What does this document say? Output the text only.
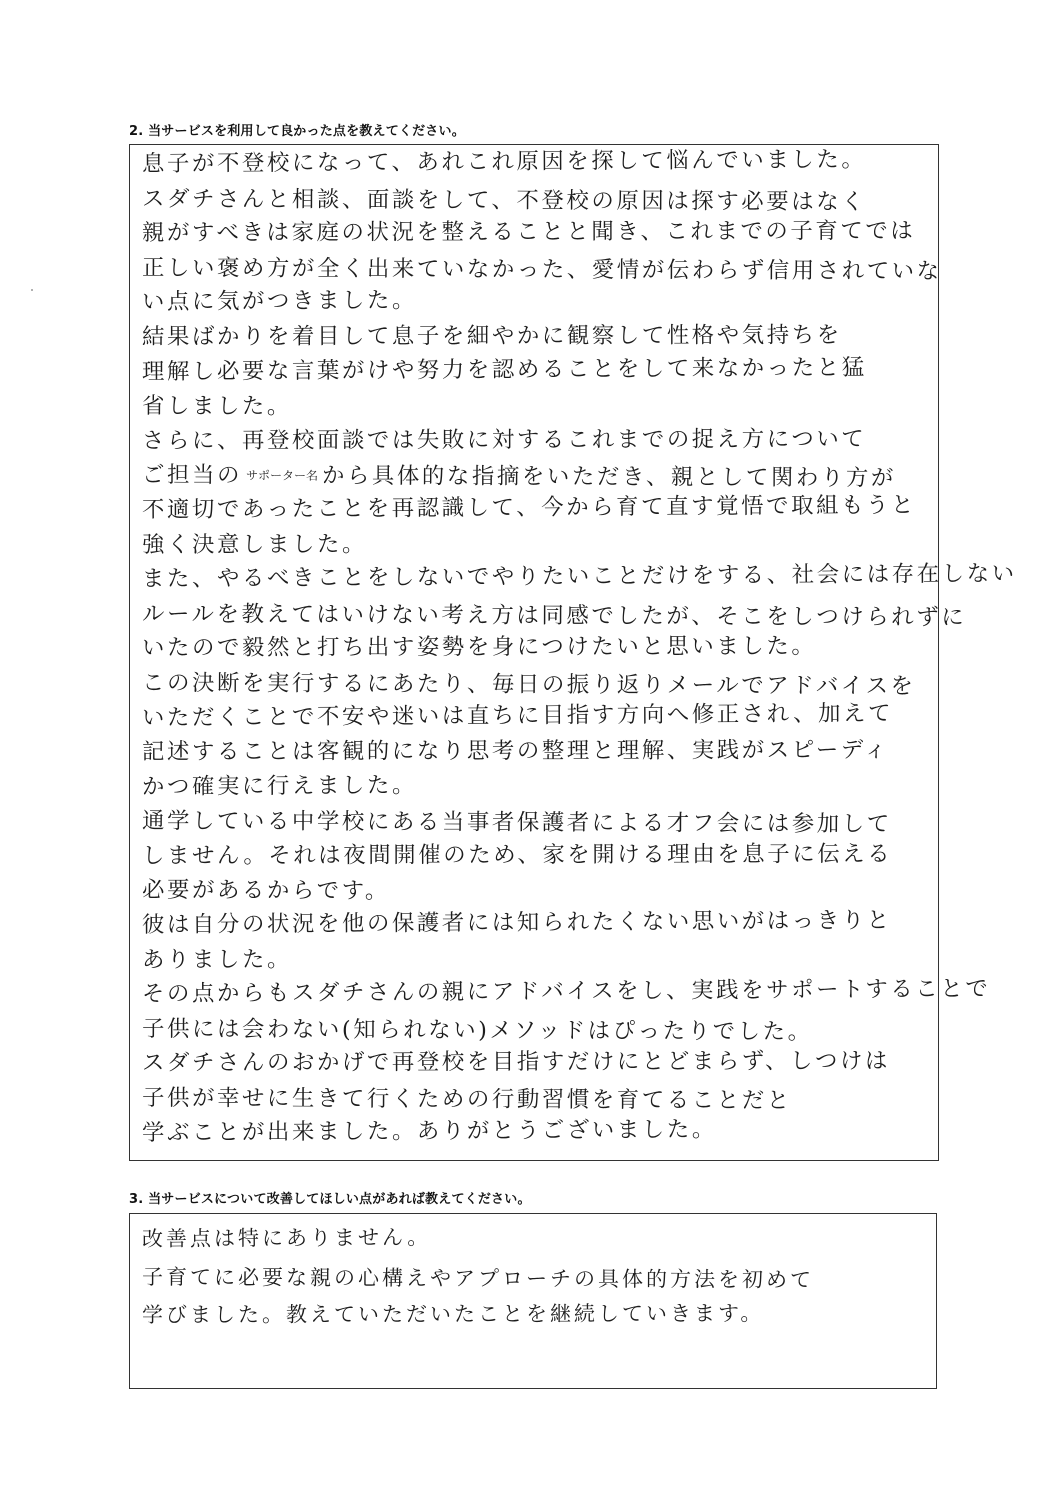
2. 当サービスを利用して良かった点を教えてください。
息子が不登校になって、あれこれ原因を探して悩んでいました。
スダチさんと相談、面談をして、不登校の原因は探す必要はなく
親がすべきは家庭の状況を整えることと聞き、これまでの子育てでは
正しい褒め方が全く出来ていなかった、愛情が伝わらず信用されていな
い点に気がつきました。
結果ばかりを着目して息子を細やかに観察して性格や気持ちを
理解し必要な言葉がけや努力を認めることをして来なかったと猛
省しました。
さらに、再登校面談では失敗に対するこれまでの捉え方について
ご担当の サポーター名 から具体的な指摘をいただき、親として関わり方が
不適切であったことを再認識して、今から育て直す覚悟で取組もうと
強く決意しました。
また、やるべきことをしないでやりたいことだけをする、社会には存在しない
ルールを教えてはいけない考え方は同感でしたが、そこをしつけられずに
いたので毅然と打ち出す姿勢を身につけたいと思いました。
この決断を実行するにあたり、毎日の振り返りメールでアドバイスを
いただくことで不安や迷いは直ちに目指す方向へ修正され、加えて
記述することは客観的になり思考の整理と理解、実践がスピーディ
かつ確実に行えました。
通学している中学校にある当事者保護者による才フ会には参加して
しません。それは夜間開催のため、家を開ける理由を息子に伝える
必要があるからです。
彼は自分の状況を他の保護者には知られたくない思いがはっきりと
ありました。
その点からもスダチさんの親にアドバイスをし、実践をサポートすることで
子供には会わない(知られない)メソッドはぴったりでした。
スダチさんのおかげで再登校を目指すだけにとどまらず、しつけは
子供が幸せに生きて行くための行動習慣を育てることだと
学ぶことが出来ました。ありがとうございました。
3. 当サービスについて改善してほしい点があれば教えてください。
改善点は特にありません。
子育てに必要な親の心構えやアプローチの具体的方法を初めて
学びました。教えていただいたことを継続していきます。
